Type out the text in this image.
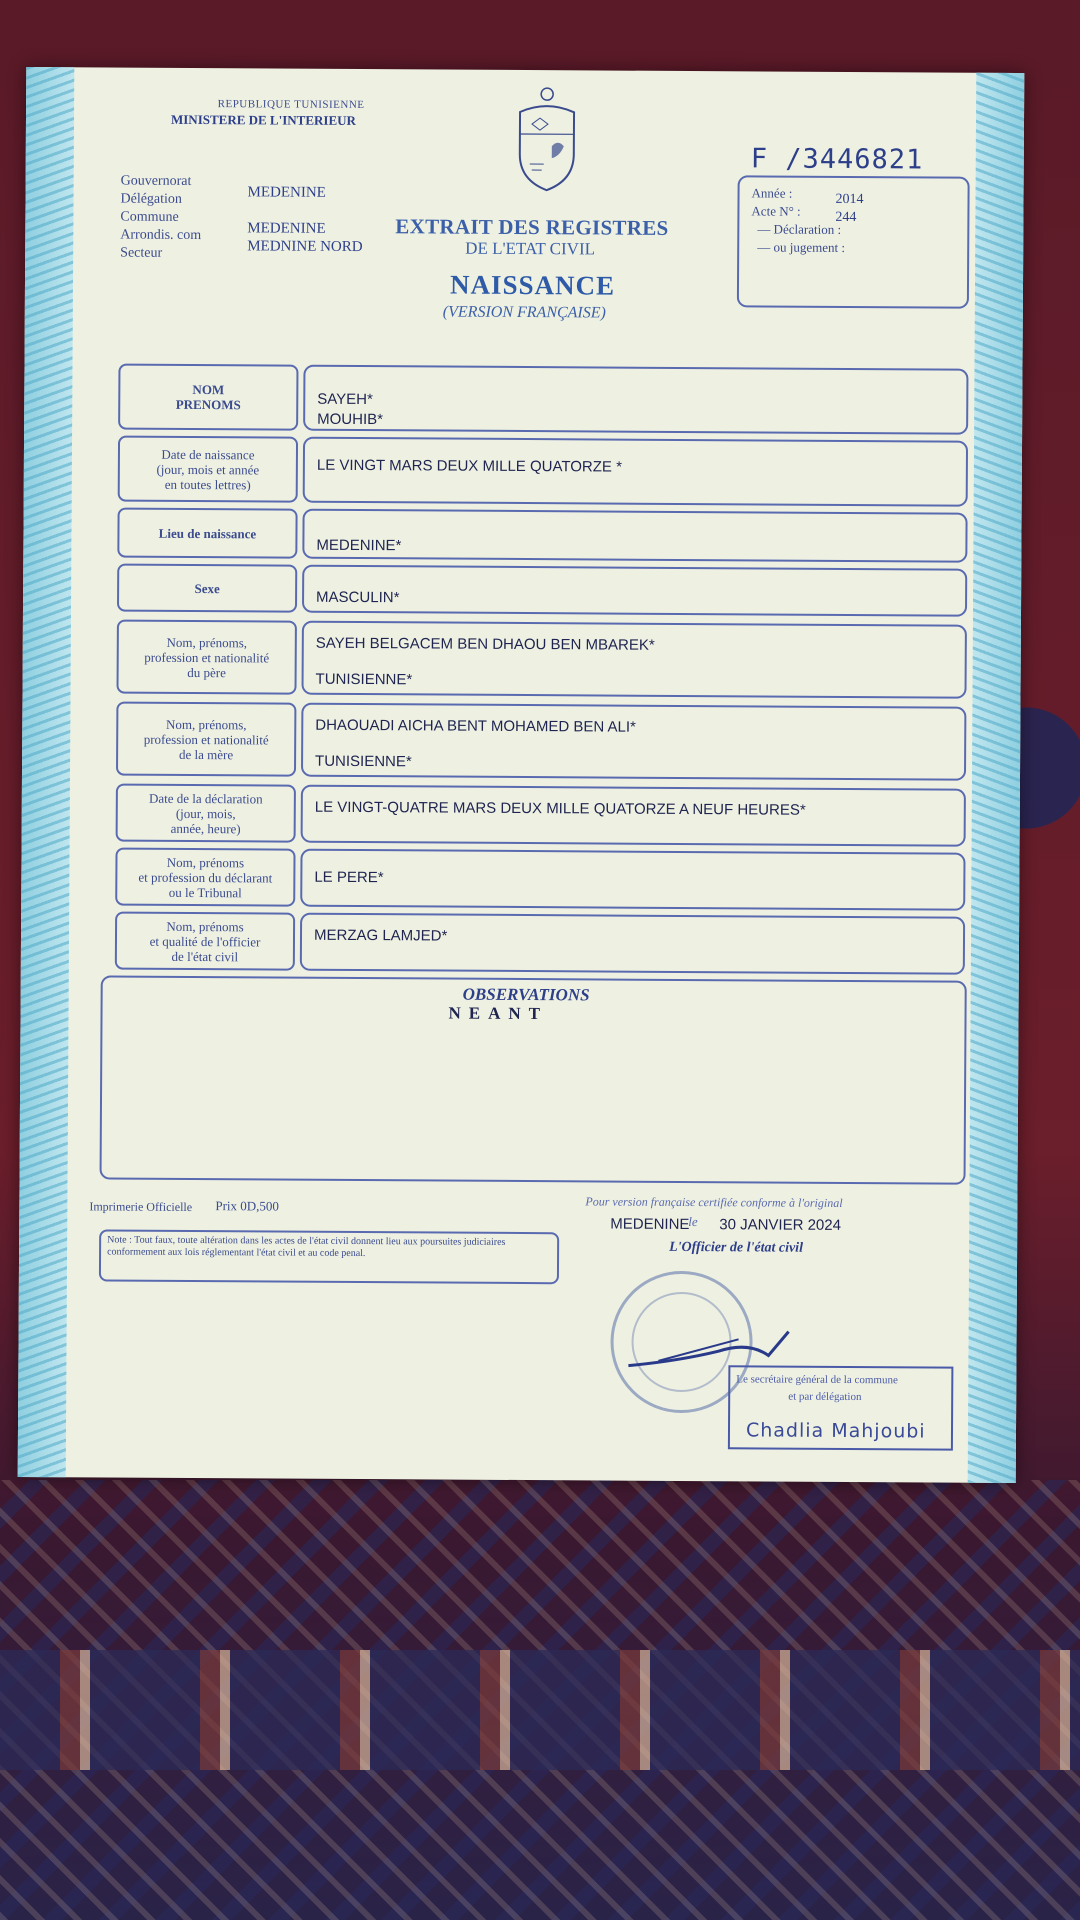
REPUBLIQUE TUNISIENNE
MINISTERE DE L'INTERIEUR
F /3446821
Gouvernorat
Délégation
Commune
Arrondis. com
Secteur
MEDENINE
MEDENINE
MEDNINE NORD
EXTRAIT DES REGISTRES
DE L'ETAT CIVIL
NAISSANCE
(VERSION FRANÇAISE)
Année :	2014
Acte N° : 244
— Déclaration :
— ou jugement :
NOM
PRENOMS	SAYEH*
MOUHIB*
Date de naissance
(jour, mois et année
en toutes lettres)
LE VINGT MARS DEUX MILLE QUATORZE *
Lieu de naissance
MEDENINE*
Sexe
MASCULIN*
Nom, prénoms,
profession et nationalité
du père
SAYEH BELGACEM BEN DHAOU BEN MBAREK*
TUNISIENNE*
Nom, prénoms,
profession et nationalité
de la mère
DHAOUADI AICHA BENT MOHAMED BEN ALI*
TUNISIENNE*
Date de la déclaration
(jour, mois,
année, heure)
LE VINGT-QUATRE MARS DEUX MILLE QUATORZE A NEUF HEURES*
Nom, prénoms
et profession du déclarant
ou le Tribunal
LE PERE*
Nom, prénoms
et qualité de l'officier
de l'état civil
MERZAG LAMJED*
OBSERVATIONS
NEANT
Imprimerie Officielle Prix 0D,500
Note : Tout faux, toute altération dans les actes de l'état civil donnent lieu aux poursuites judiciaires conformement aux lois réglementant l'état civil et au code penal.
Pour version française certifiée conforme à l'original
MEDENINE
le 30 JANVIER 2024
L'Officier de l'état civil
Le secrétaire général de la commune
et par délégation
Chadlia Mahjoubi
